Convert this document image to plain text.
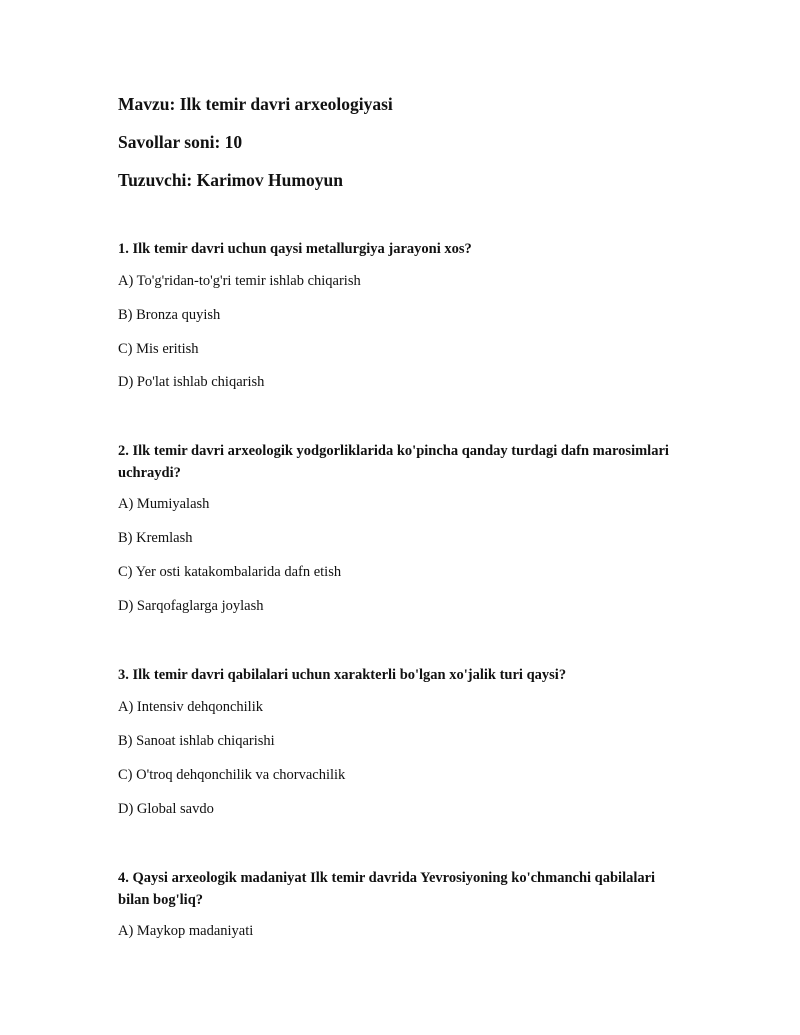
Mavzu: Ilk temir davri arxeologiyasi
Savollar soni: 10
Tuzuvchi: Karimov Humoyun
1. Ilk temir davri uchun qaysi metallurgiya jarayoni xos?
A) To'g'ridan-to'g'ri temir ishlab chiqarish
B) Bronza quyish
C) Mis eritish
D) Po'lat ishlab chiqarish
2. Ilk temir davri arxeologik yodgorliklarida ko'pincha qanday turdagi dafn marosimlari uchraydi?
A) Mumiyalash
B) Kremlash
C) Yer osti katakombalarida dafn etish
D) Sarqofaglarga joylash
3. Ilk temir davri qabilalari uchun xarakterli bo'lgan xo'jalik turi qaysi?
A) Intensiv dehqonchilik
B) Sanoat ishlab chiqarishi
C) O'troq dehqonchilik va chorvachilik
D) Global savdo
4. Qaysi arxeologik madaniyat Ilk temir davrida Yevrosiyoning ko'chmanchi qabilalari bilan bog'liq?
A) Maykop madaniyati
